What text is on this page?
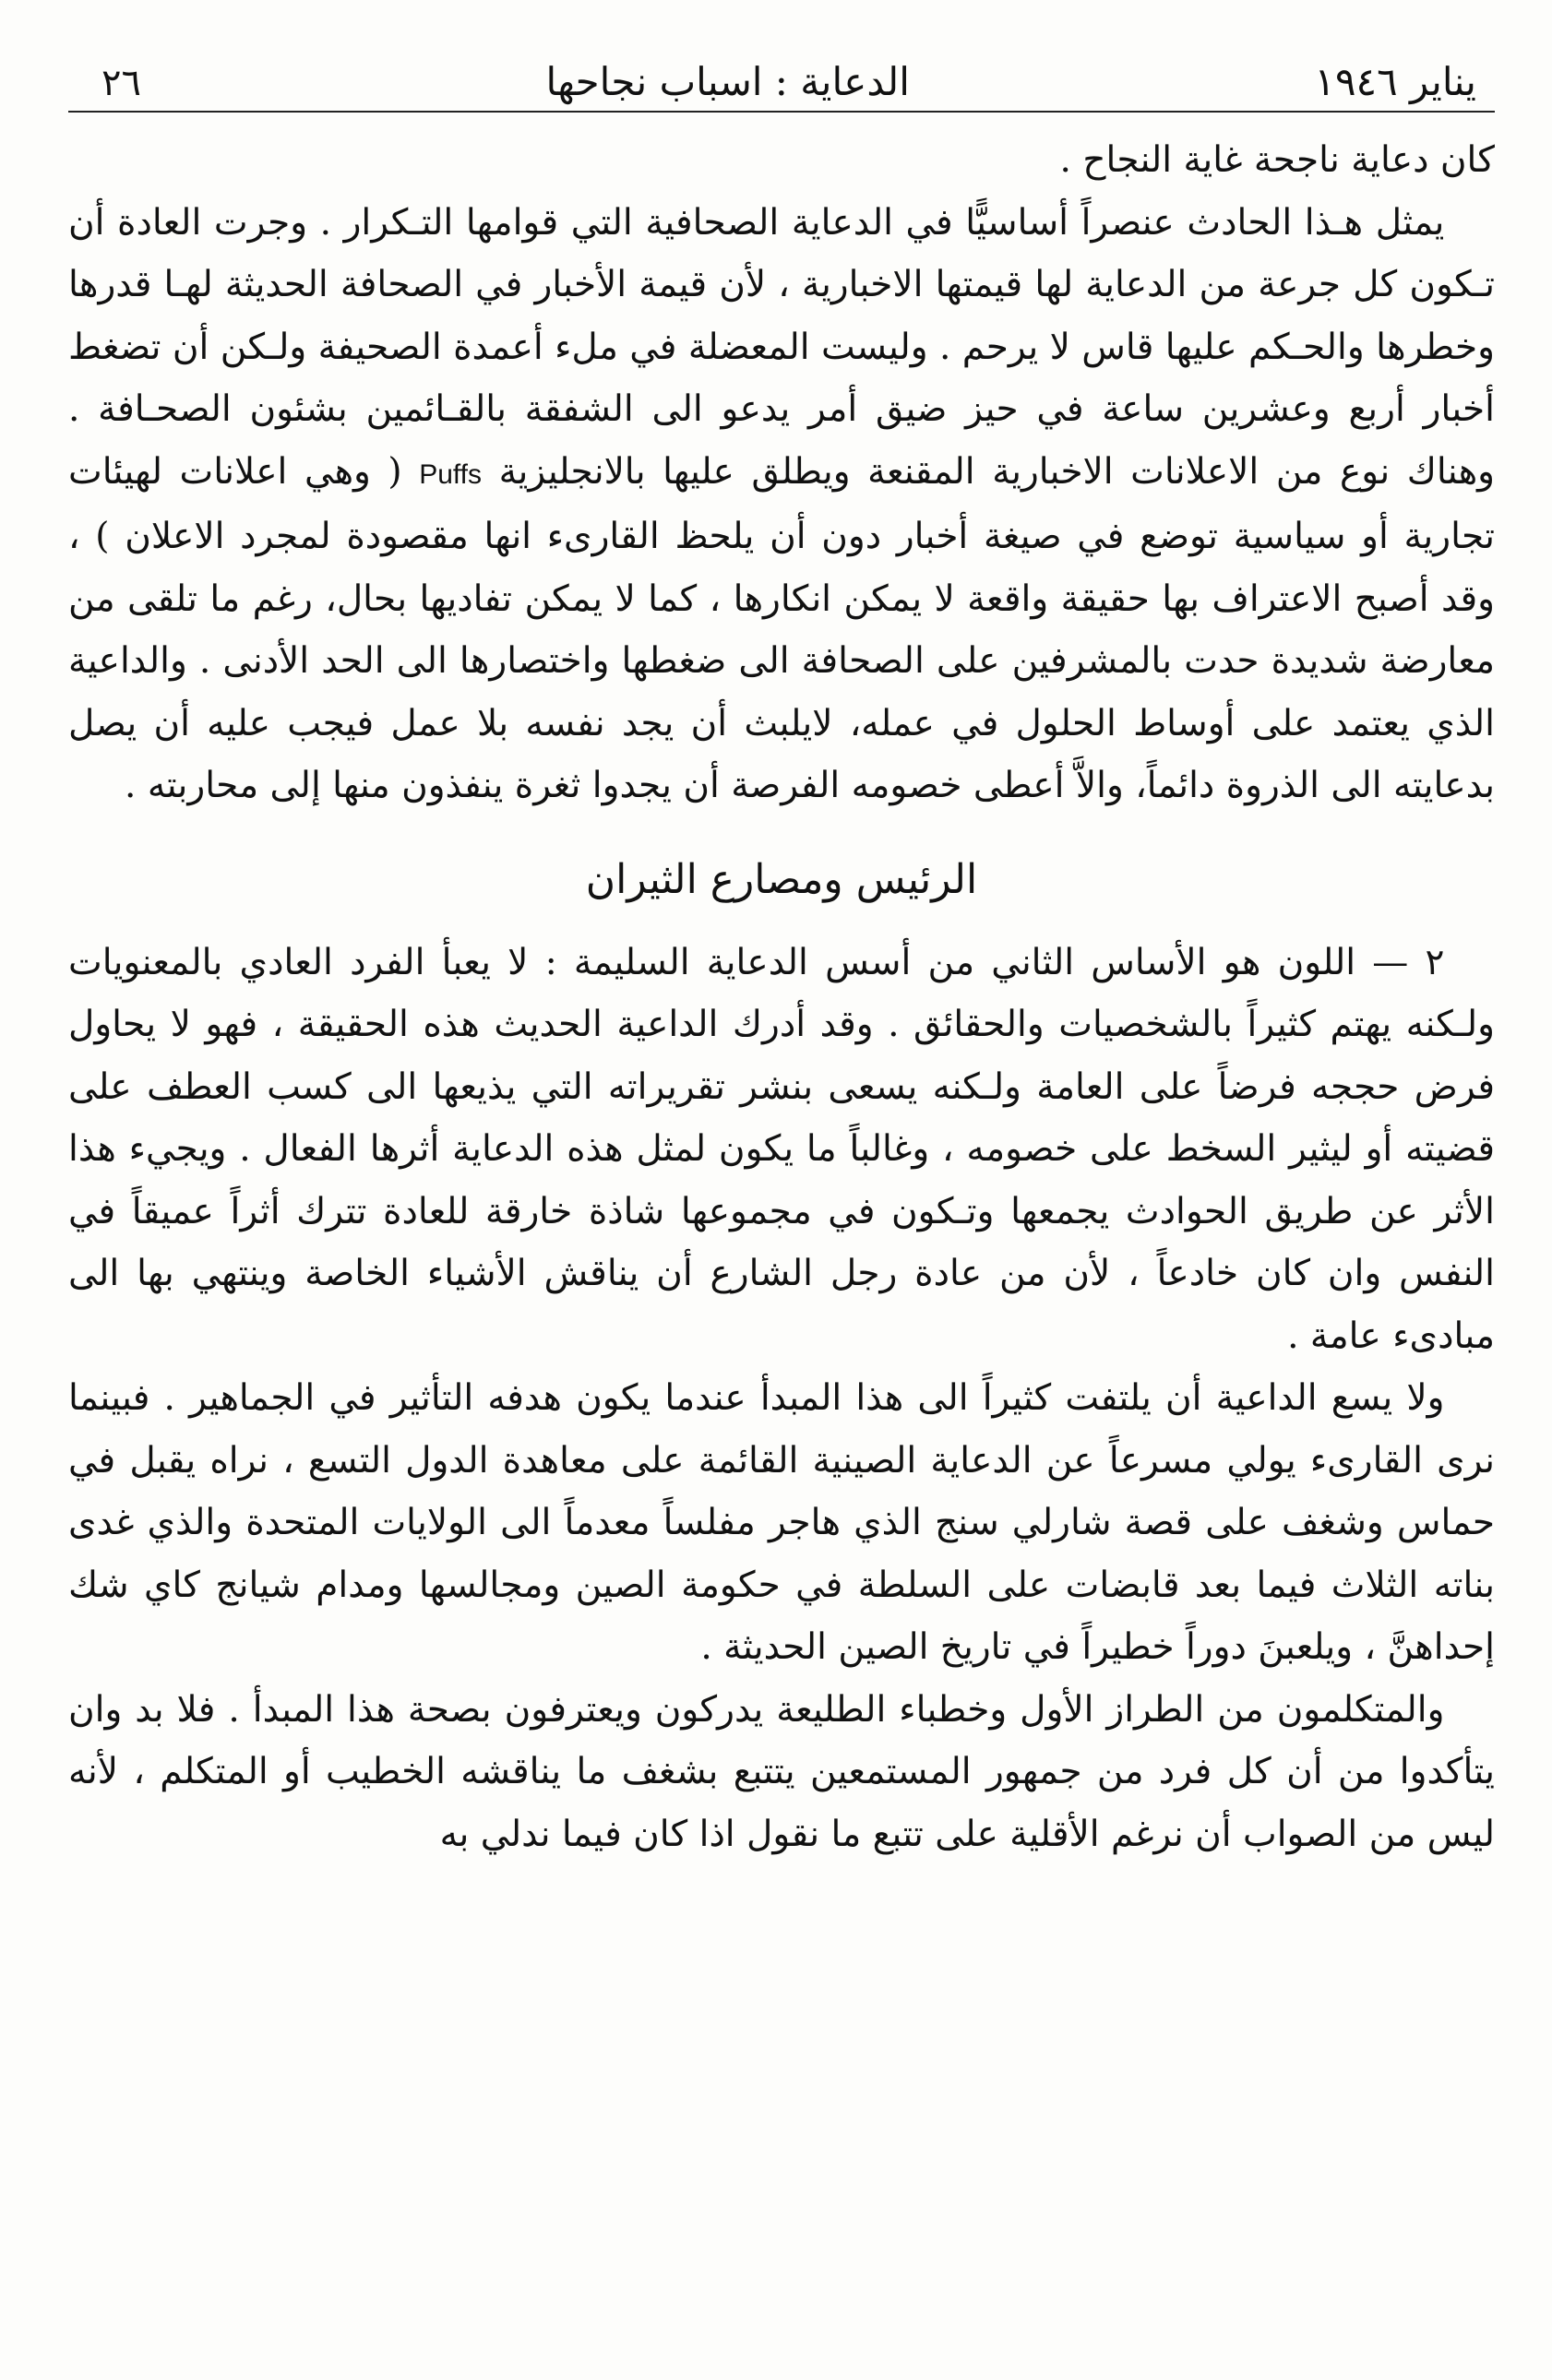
يناير ١٩٤٦
الدعاية : اسباب نجاحها
٢٦

كان دعاية ناجحة غاية النجاح .

يمثل هـذا الحادث عنصراً أساسيًّا في الدعاية الصحافية التي قوامها التـكرار . وجرت العادة أن تـكون كل جرعة من الدعاية لها قيمتها الاخبارية ، لأن قيمة الأخبار في الصحافة الحديثة لهـا قدرها وخطرها والحـكم عليها قاس لا يرحم . وليست المعضلة في ملء أعمدة الصحيفة ولـكن أن تضغط أخبار أربع وعشرين ساعة في حيز ضيق أمر يدعو الى الشفقة بالقـائمين بشئون الصحـافة . وهناك نوع من الاعلانات الاخبارية المقنعة ويطلق عليها بالانجليزية Puffs ( وهي اعلانات لهيئات تجارية أو سياسية توضع في صيغة أخبار دون أن يلحظ القارىء انها مقصودة لمجرد الاعلان ) ، وقد أصبح الاعتراف بها حقيقة واقعة لا يمكن انكارها ، كما لا يمكن تفاديها بحال، رغم ما تلقى من معارضة شديدة حدت بالمشرفين على الصحافة الى ضغطها واختصارها الى الحد الأدنى . والداعية الذي يعتمد على أوساط الحلول في عمله، لايلبث أن يجد نفسه بلا عمل فيجب عليه أن يصل بدعايته الى الذروة دائماً، والاَّ أعطى خصومه الفرصة أن يجدوا ثغرة ينفذون منها إلى محاربته .

الرئيس ومصارع الثيران

٢ — اللون هو الأساس الثاني من أسس الدعاية السليمة : لا يعبأ الفرد العادي بالمعنويات ولـكنه يهتم كثيراً بالشخصيات والحقائق . وقد أدرك الداعية الحديث هذه الحقيقة ، فهو لا يحاول فرض حججه فرضاً على العامة ولـكنه يسعى بنشر تقريراته التي يذيعها الى كسب العطف على قضيته أو ليثير السخط على خصومه ، وغالباً ما يكون لمثل هذه الدعاية أثرها الفعال . ويجيء هذا الأثر عن طريق الحوادث يجمعها وتـكون في مجموعها شاذة خارقة للعادة تترك أثراً عميقاً في النفس وان كان خادعاً ، لأن من عادة رجل الشارع أن يناقش الأشياء الخاصة وينتهي بها الى مبادىء عامة .

ولا يسع الداعية أن يلتفت كثيراً الى هذا المبدأ عندما يكون هدفه التأثير في الجماهير . فبينما نرى القارىء يولي مسرعاً عن الدعاية الصينية القائمة على معاهدة الدول التسع ، نراه يقبل في حماس وشغف على قصة شارلي سنج الذي هاجر مفلساً معدماً الى الولايات المتحدة والذي غدى بناته الثلاث فيما بعد قابضات على السلطة في حكومة الصين ومجالسها ومدام شيانج كاي شك إحداهنَّ ، ويلعبنَ دوراً خطيراً في تاريخ الصين الحديثة .

والمتكلمون من الطراز الأول وخطباء الطليعة يدركون ويعترفون بصحة هذا المبدأ . فلا بد وان يتأكدوا من أن كل فرد من جمهور المستمعين يتتبع بشغف ما يناقشه الخطيب أو المتكلم ، لأنه ليس من الصواب أن نرغم الأقلية على تتبع ما نقول اذا كان فيما ندلي به
